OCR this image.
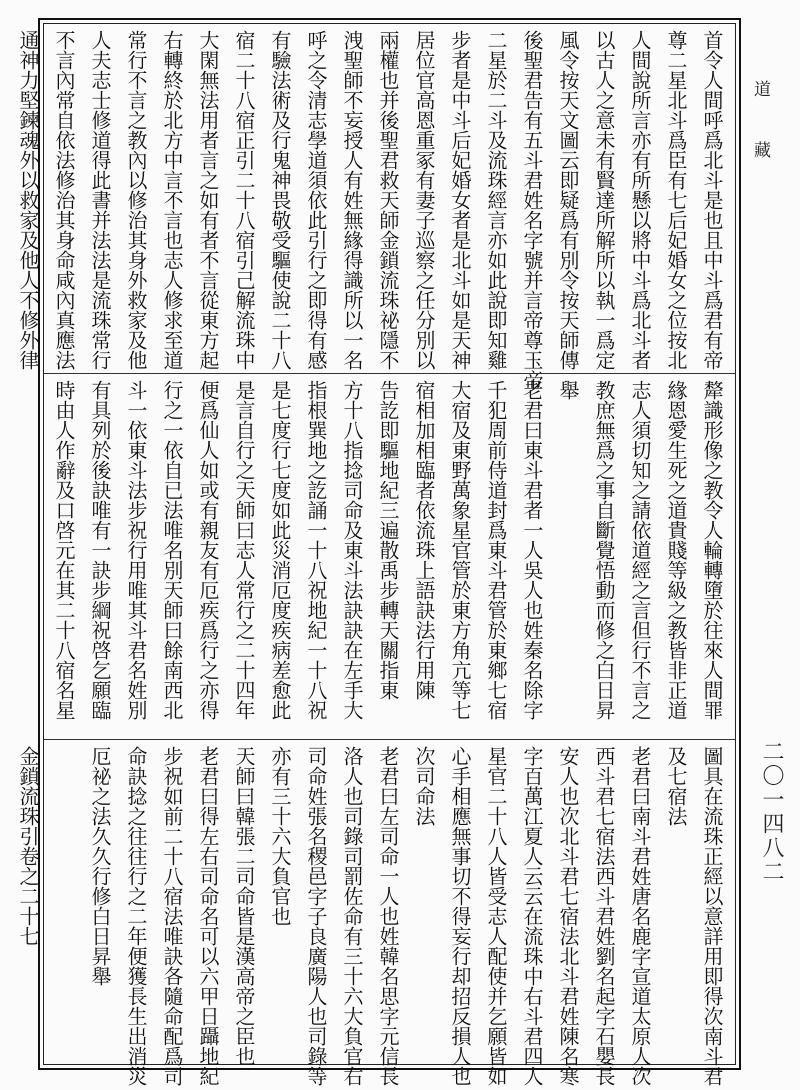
道藏
二〇一四八二
首令人間呼爲北斗是也且中斗爲君有帝
尊二星北斗爲臣有七后妃婚女之位按北
人間說所言亦有所懸以將中斗爲北斗者
以古人之意未有賢達所解所以執一爲定
風令按天文圖云即疑爲有別令按天師傳
後聖君告有五斗君姓名字號并言帝尊玉帝
二星於二斗及流珠經言亦如此說即知雞
步者是中斗后妃婚女者是北斗如是天神
居位官高恩重冢有妻子巡察之任分別以
兩權也并後聖君救天師金鎖流珠祕隱不
洩聖師不妄授人有姓無緣得識所以一名
呼之令清志學道須依此引行之即得有感
有驗法術及行鬼神畏敬受驅使說二十八
宿二十八宿正引二十八宿引己解流珠中
大閑無法用者言之如有者不言從東方起
右轉終於北方中言不言也志人修求至道
常行不言之教內以修治其身外救家及他
人夫志士修道得此書并法法是流珠常行
不言內常自依法修治其身命咸內真應法
通神力堅鍊魂外以救家及他人不修外律
犛識形像之教令人輪轉墮於往來人間罪
緣恩愛生死之道貴賤等級之教皆非正道
志人須切知之請依道經之言但行不言之
教庶無爲之事自斷覺悟動而修之白日昇
舉
老君曰東斗君者一人吳人也姓秦名除字
千犯周前侍道封爲東斗君管於東鄉七宿
大宿及東野萬象星官管於東方角亢等七
宿相加相臨者依流珠上語訣法行用陳
告訖即驅地紀三遍散禹步轉天關指東
方十八指捻司命及東斗法訣訣在左手大
指根巽地之訖誦一十八祝地紀一十八祝
是七度行七度如此災消厄度疾病差愈此
是言自行之天師曰志人常行之二十四年
便爲仙人如或有親友有厄疾爲行之亦得
行之一依自已法唯名別天師曰餘南西北
斗一依東斗法步祝行用唯其斗君名姓別
有具列於後訣唯有一訣步綱祝啓乞願臨
時由人作辭及口啓元在其二十八宿名星
圖具在流珠正經以意詳用即得次南斗君
及七宿法
老君曰南斗君姓唐名鹿字宣道太原人次
西斗君七宿法西斗君姓劉名起字石嬰長
安人也次北斗君七宿法北斗君姓陳名寒
字百萬江夏人云云在流珠中右斗君四人
星官二十八人皆受志人配使并乞願皆如
心手相應無事切不得妄行却招反損人也
次司命法
老君曰左司命一人也姓韓名思字元信長
洛人也司錄司罰佐命有三十六大負官右
司命姓張名稷邑字子良廣陽人也司錄等
亦有三十六大負官也
天師曰韓張二司命皆是漢高帝之臣也
老君曰得左右司命名可以六甲日躡地紀
步祝如前二十八宿法唯訣各隨命配爲司
命訣捻之往往行之二年便獲長生出消災
厄祕之法久久行修白日昇舉
金鎖流珠引卷之二十七
